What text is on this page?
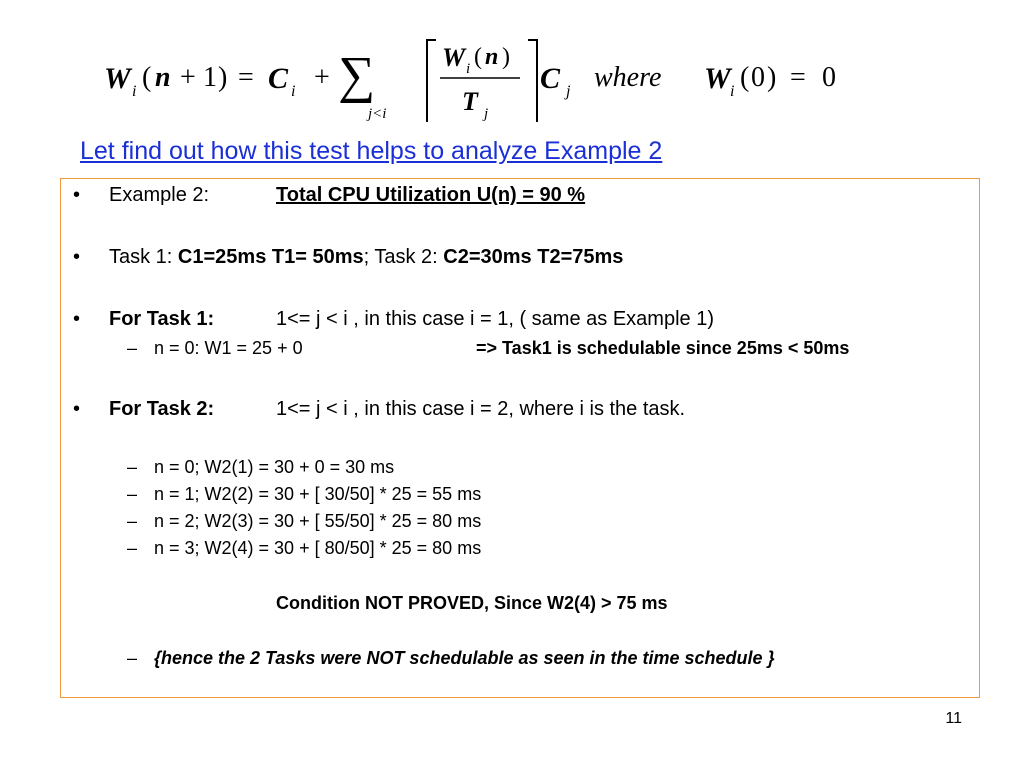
W i ( n + 1 ) = C i + ∑
j<i
W i ( n )
T j
C j where W i ( 0 ) = 0
Let find out how this test helps to analyze Example 2
• Example 2:	Total CPU Utilization U(n) = 90 %
• Task 1: C1=25ms T1= 50ms; Task 2: C2=30ms T2=75ms
• For Task 1:	1<= j < i , in this case i = 1, ( same as Example 1)
– n = 0: W1 = 25 + 0	=> Task1 is schedulable since 25ms < 50ms
• For Task 2:	1<= j < i , in this case i = 2, where i is the task.
– n = 0; W2(1) = 30 + 0 = 30 ms
– n = 1; W2(2) = 30 + [ 30/50] * 25 = 55 ms
– n = 2; W2(3) = 30 + [ 55/50] * 25 = 80 ms
– n = 3; W2(4) = 30 + [ 80/50] * 25 = 80 ms
Condition NOT PROVED, Since W2(4) > 75 ms
– {hence the 2 Tasks were NOT schedulable as seen in the time schedule }
11
